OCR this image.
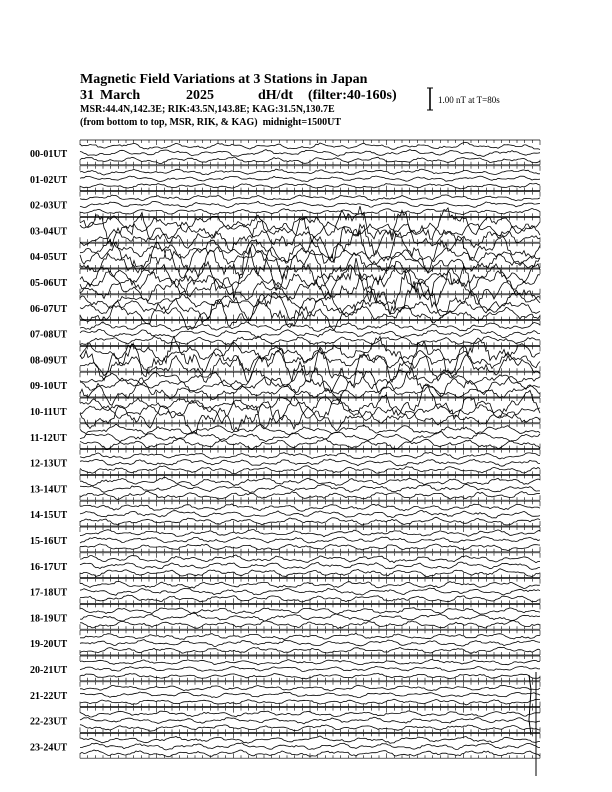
Magnetic Field Variations at 3 Stations in Japan
31 March	2025	dH/dt (filter:40-160s)
MSR:44.4N,142.3E; RIK:43.5N,143.8E; KAG:31.5N,130.7E
(from bottom to top, MSR, RIK, & KAG) midnight=1500UT
1.00 nT at T=80s
00-01UT
01-02UT
02-03UT
03-04UT
04-05UT
05-06UT
06-07UT
07-08UT
08-09UT
09-10UT
10-11UT
11-12UT
12-13UT
13-14UT
14-15UT
15-16UT
16-17UT
17-18UT
18-19UT
19-20UT
20-21UT
21-22UT
22-23UT
23-24UT
